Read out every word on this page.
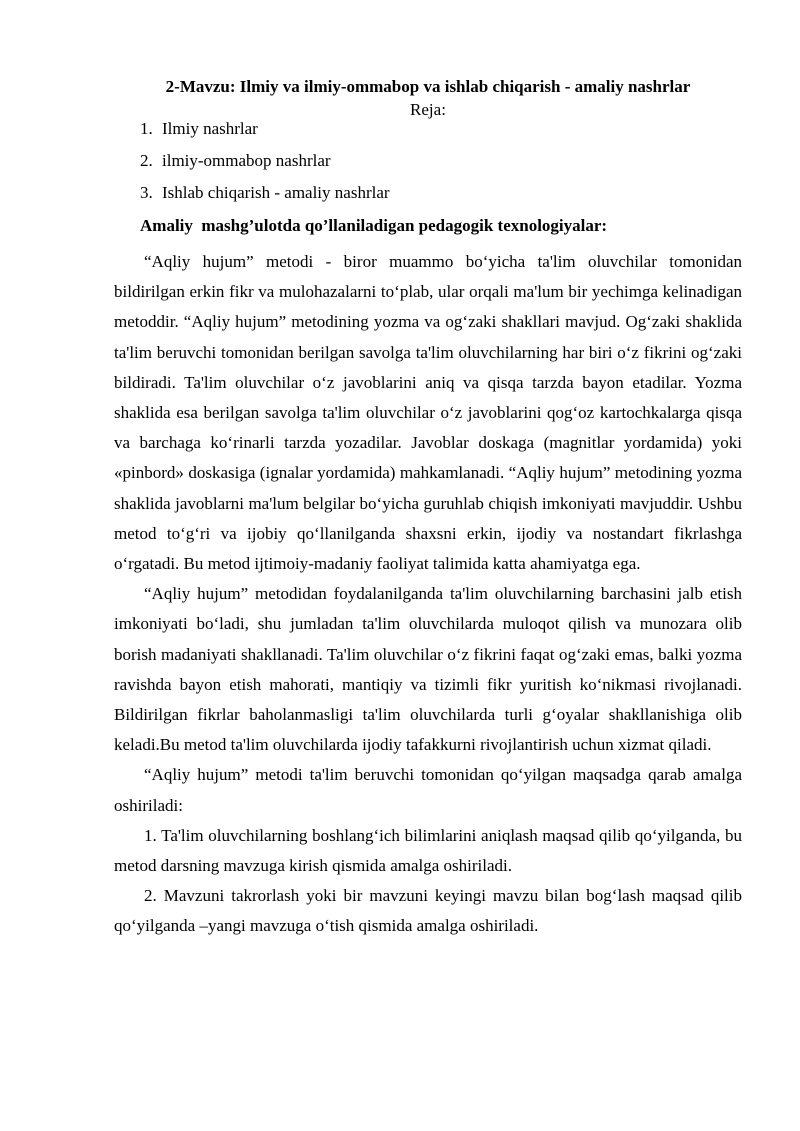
2-Mavzu: Ilmiy va ilmiy-ommabop va ishlab chiqarish - amaliy nashrlar
Reja:
1. Ilmiy nashrlar
2. ilmiy-ommabop nashrlar
3. Ishlab chiqarish - amaliy nashrlar
Amaliy  mashg’ulotda qo’llaniladigan pedagogik texnologiyalar:

“Aqliy hujum” metodi - biror muammo bo‘yicha ta'lim oluvchilar tomonidan bildirilgan erkin fikr va mulohazalarni to‘plab, ular orqali ma'lum bir yechimga kelinadigan metoddir. “Aqliy hujum” metodining yozma va og‘zaki shakllari mavjud. Og‘zaki shaklida ta'lim beruvchi tomonidan berilgan savolga ta'lim oluvchilarning har biri o‘z fikrini og‘zaki bildiradi. Ta'lim oluvchilar o‘z javoblarini aniq va qisqa tarzda bayon etadilar. Yozma shaklida esa berilgan savolga ta'lim oluvchilar o‘z javoblarini qog‘oz kartochkalarga qisqa va barchaga ko‘rinarli tarzda yozadilar. Javoblar doskaga (magnitlar yordamida) yoki «pinbord» doskasiga (ignalar yordamida) mahkamlanadi. “Aqliy hujum” metodining yozma shaklida javoblarni ma'lum belgilar bo‘yicha guruhlab chiqish imkoniyati mavjuddir. Ushbu metod to‘g‘ri va ijobiy qo‘llanilganda shaxsni erkin, ijodiy va nostandart fikrlashga o‘rgatadi. Bu metod ijtimoiy-madaniy faoliyat talimida katta ahamiyatga ega.

“Aqliy hujum” metodidan foydalanilganda ta'lim oluvchilarning barchasini jalb etish imkoniyati bo‘ladi, shu jumladan ta'lim oluvchilarda muloqot qilish va munozara olib borish madaniyati shakllanadi. Ta'lim oluvchilar o‘z fikrini faqat og‘zaki emas, balki yozma ravishda bayon etish mahorati, mantiqiy va tizimli fikr yuritish ko‘nikmasi rivojlanadi. Bildirilgan fikrlar baholanmasligi ta'lim oluvchilarda turli g‘oyalar shakllanishiga olib keladi.Bu metod ta'lim oluvchilarda ijodiy tafakkurni rivojlantirish uchun xizmat qiladi.

“Aqliy hujum” metodi ta'lim beruvchi tomonidan qo‘yilgan maqsadga qarab amalga oshiriladi:

1. Ta'lim oluvchilarning boshlang‘ich bilimlarini aniqlash maqsad qilib qo‘yilganda, bu metod darsning mavzuga kirish qismida amalga oshiriladi.

2. Mavzuni takrorlash yoki bir mavzuni keyingi mavzu bilan bog‘lash maqsad qilib qo‘yilganda –yangi mavzuga o‘tish qismida amalga oshiriladi.
